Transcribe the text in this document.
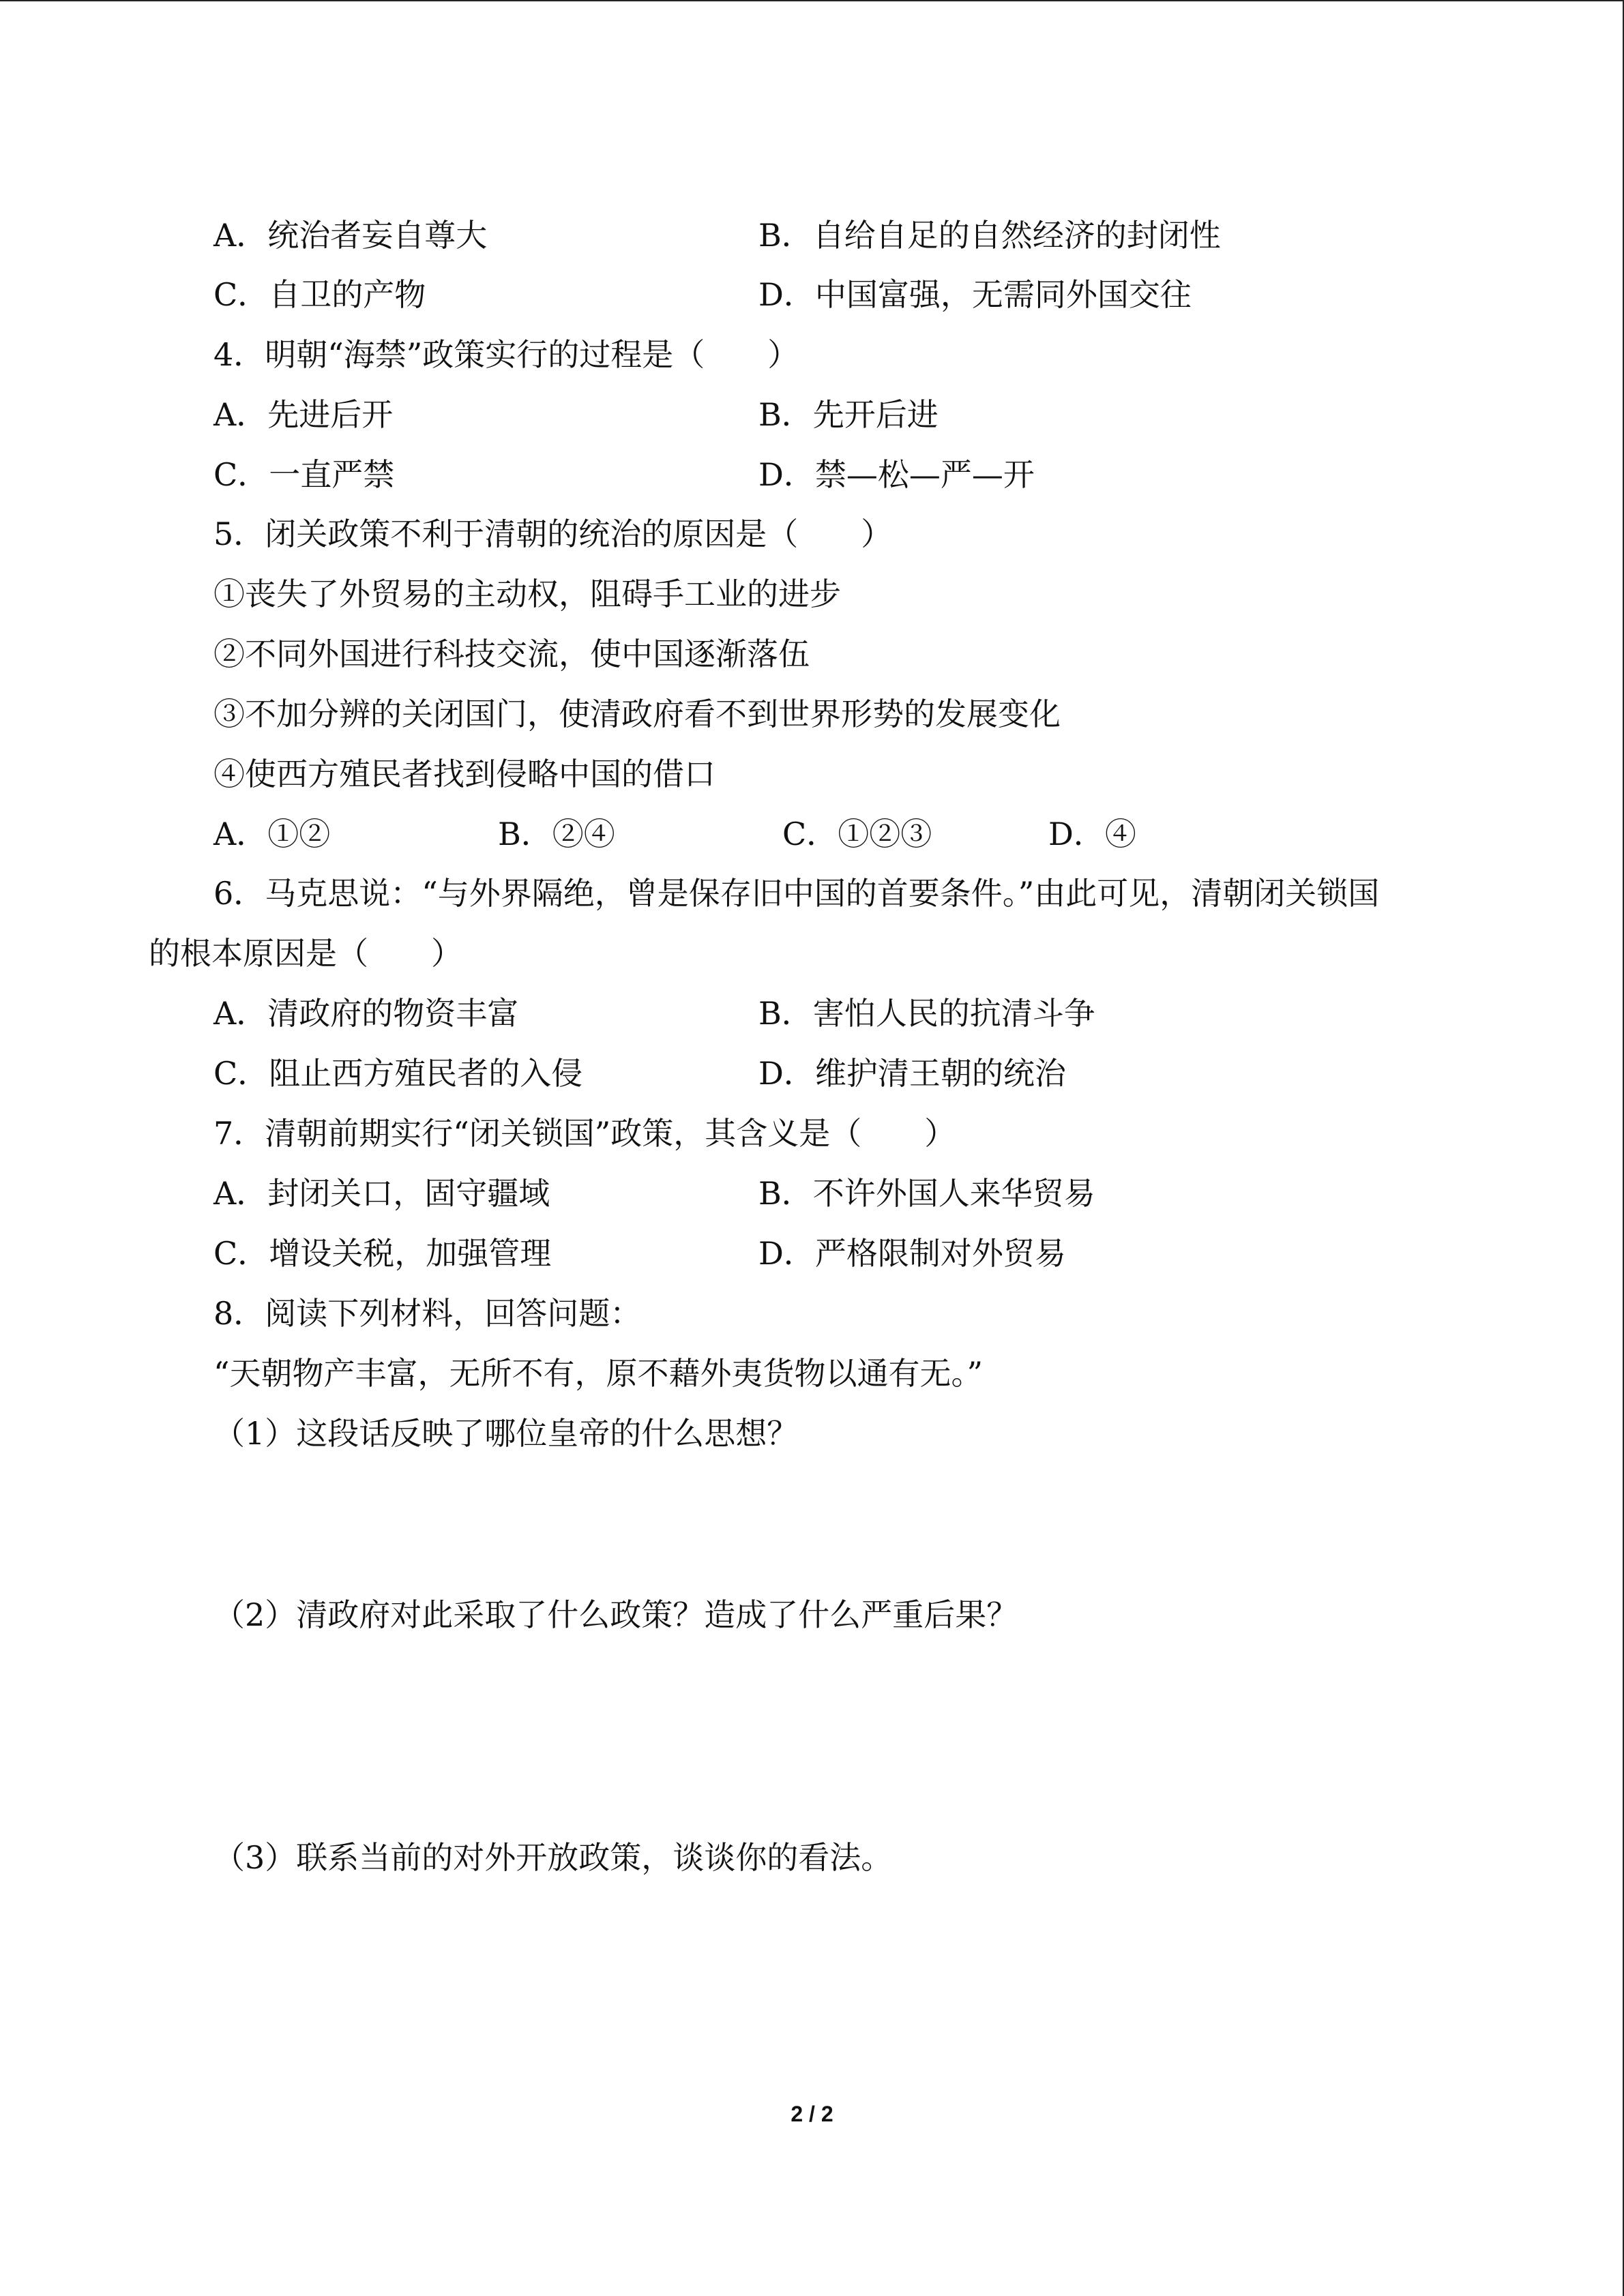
A．统治者妄自尊大	B．自给自足的自然经济的封闭性
C．自卫的产物	D．中国富强，无需同外国交往
4．明朝“海禁”政策实行的过程是（　　）
A．先进后开	B．先开后进
C．一直严禁	D．禁—松—严—开
5．闭关政策不利于清朝的统治的原因是（　　）
①丧失了外贸易的主动权，阻碍手工业的进步
②不同外国进行科技交流，使中国逐渐落伍
③不加分辨的关闭国门，使清政府看不到世界形势的发展变化
④使西方殖民者找到侵略中国的借口
A．①②	B．②④	C．①②③	D．④
6．马克思说：“与外界隔绝，曾是保存旧中国的首要条件。”由此可见，清朝闭关锁国
的根本原因是（　　）
A．清政府的物资丰富	B．害怕人民的抗清斗争
C．阻止西方殖民者的入侵	D．维护清王朝的统治
7．清朝前期实行“闭关锁国”政策，其含义是（　　）
A．封闭关口，固守疆域	B．不许外国人来华贸易
C．增设关税，加强管理	D．严格限制对外贸易
8．阅读下列材料，回答问题：
“天朝物产丰富，无所不有，原不藉外夷货物以通有无。”
（1）这段话反映了哪位皇帝的什么思想？
（2）清政府对此采取了什么政策？造成了什么严重后果？
（3）联系当前的对外开放政策，谈谈你的看法。
2 / 2
